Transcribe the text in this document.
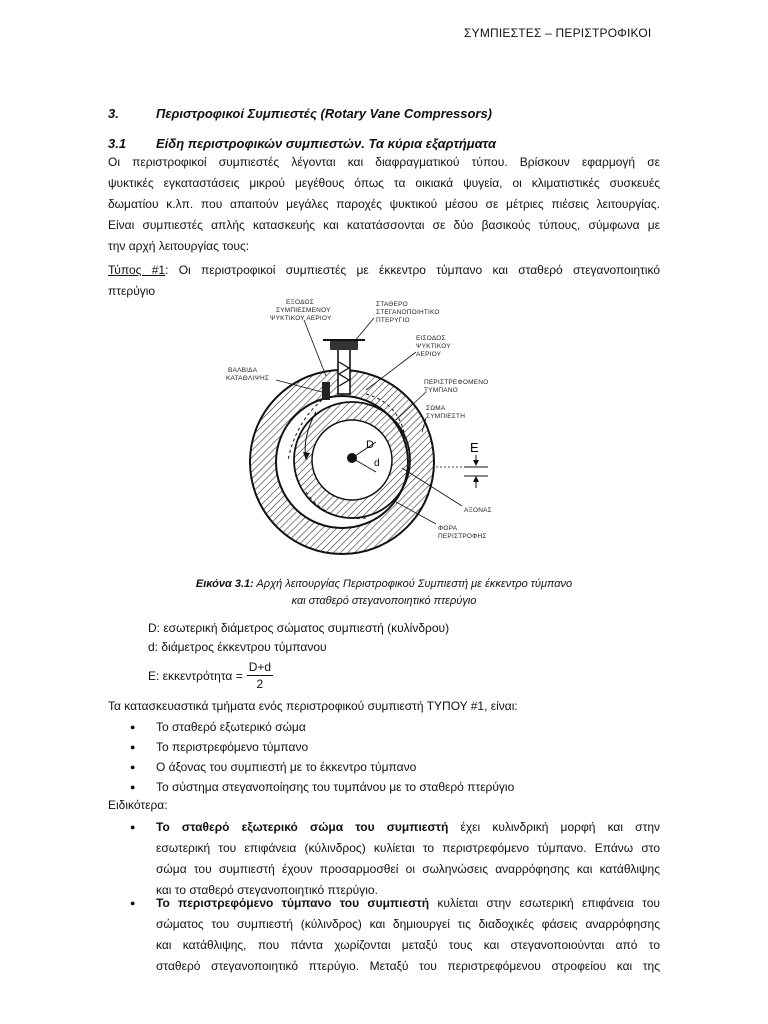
ΣΥΜΠΙΕΣΤΕΣ – ΠΕΡΙΣΤΡΟΦΙΚΟΙ
3.	Περιστροφικοί Συμπιεστές (Rotary Vane Compressors)
3.1 Είδη περιστροφικών συμπιεστών. Τα κύρια εξαρτήματα
Οι περιστροφικοί συμπιεστές λέγονται και διαφραγματικού τύπου. Βρίσκουν εφαρμογή σε
ψυκτικές εγκαταστάσεις μικρού μεγέθους όπως τα οικιακά ψυγεία, οι κλιματιστικές συσκευές
δωματίου κ.λπ. που απαιτούν μεγάλες παροχές ψυκτικού μέσου σε μέτριες πιέσεις λειτουργίας.
Είναι συμπιεστές απλής κατασκευής και κατατάσσονται σε δύο βασικούς τύπους, σύμφωνα με
την αρχή λειτουργίας τους:
Τύπος #1: Οι περιστροφικοί συμπιεστές με έκκεντρο τύμπανο και σταθερό στεγανοποιητικό
πτερύγιο
D
d
E
ΕΞΟΔΟΣ
ΣΥΜΠΙΕΣΜΕΝΟΥ
ΨΥΚΤΙΚΟΥ ΑΕΡΙΟΥ
ΣΤΑΘΕΡΟ
ΣΤΕΓΑΝΟΠΟΙΗΤΙΚΟ
ΠΤΕΡΥΓΙΟ
ΕΙΣΟΔΟΣ
ΨΥΚΤΙΚΟΥ
ΑΕΡΙΟΥ
ΒΑΛΒΙΔΑ
ΚΑΤΑΘΛΙΨΗΣ
ΠΕΡΙΣΤΡΕΦΟΜΕΝΟ
ΤΥΜΠΑΝΟ
ΣΩΜΑ
ΣΥΜΠΙΕΣΤΗ
ΑΞΟΝΑΣ
ΦΟΡΑ
ΠΕΡΙΣΤΡΟΦΗΣ
Εικόνα 3.1: Αρχή λειτουργίας Περιστροφικού Συμπιεστή με έκκεντρο τύμπανο
και σταθερό στεγανοποιητικό πτερύγιο
D: εσωτερική διάμετρος σώματος συμπιεστή (κυλίνδρου)
d: διάμετρος έκκεντρου τύμπανου
E: $\varepsilon\kappa\kappa\varepsilon\nu\tau\rho ό\tau\eta\tau\alpha = \frac{D+d}{2}$
Τα κατασκευαστικά τμήματα ενός περιστροφικού συμπιεστή ΤΥΠΟΥ #1, είναι:
●	Το σταθερό εξωτερικό σώμα
●	Το περιστρεφόμενο τύμπανο
●	Ο άξονας του συμπιεστή με το έκκεντρο τύμπανο
●	Το σύστημα στεγανοποίησης του τυμπάνου με το σταθερό πτερύγιο
Ειδικότερα:
●	Το σταθερό εξωτερικό σώμα του συμπιεστή έχει κυλινδρική μορφή και στην
εσωτερική του επιφάνεια (κύλινδρος) κυλίεται το περιστρεφόμενο τύμπανο. Επάνω στο
σώμα του συμπιεστή έχουν προσαρμοσθεί οι σωληνώσεις αναρρόφησης και κατάθλιψης
και το σταθερό στεγανοποιητικό πτερύγιο.
●	Το περιστρεφόμενο τύμπανο του συμπιεστή κυλίεται στην εσωτερική επιφάνεια του
σώματος του συμπιεστή (κύλινδρος) και δημιουργεί τις διαδοχικές φάσεις αναρρόφησης
και κατάθλιψης, που πάντα χωρίζονται μεταξύ τους και στεγανοποιούνται από το
σταθερό στεγανοποιητικό πτερύγιο. Μεταξύ του περιστρεφόμενου στροφείου και της
